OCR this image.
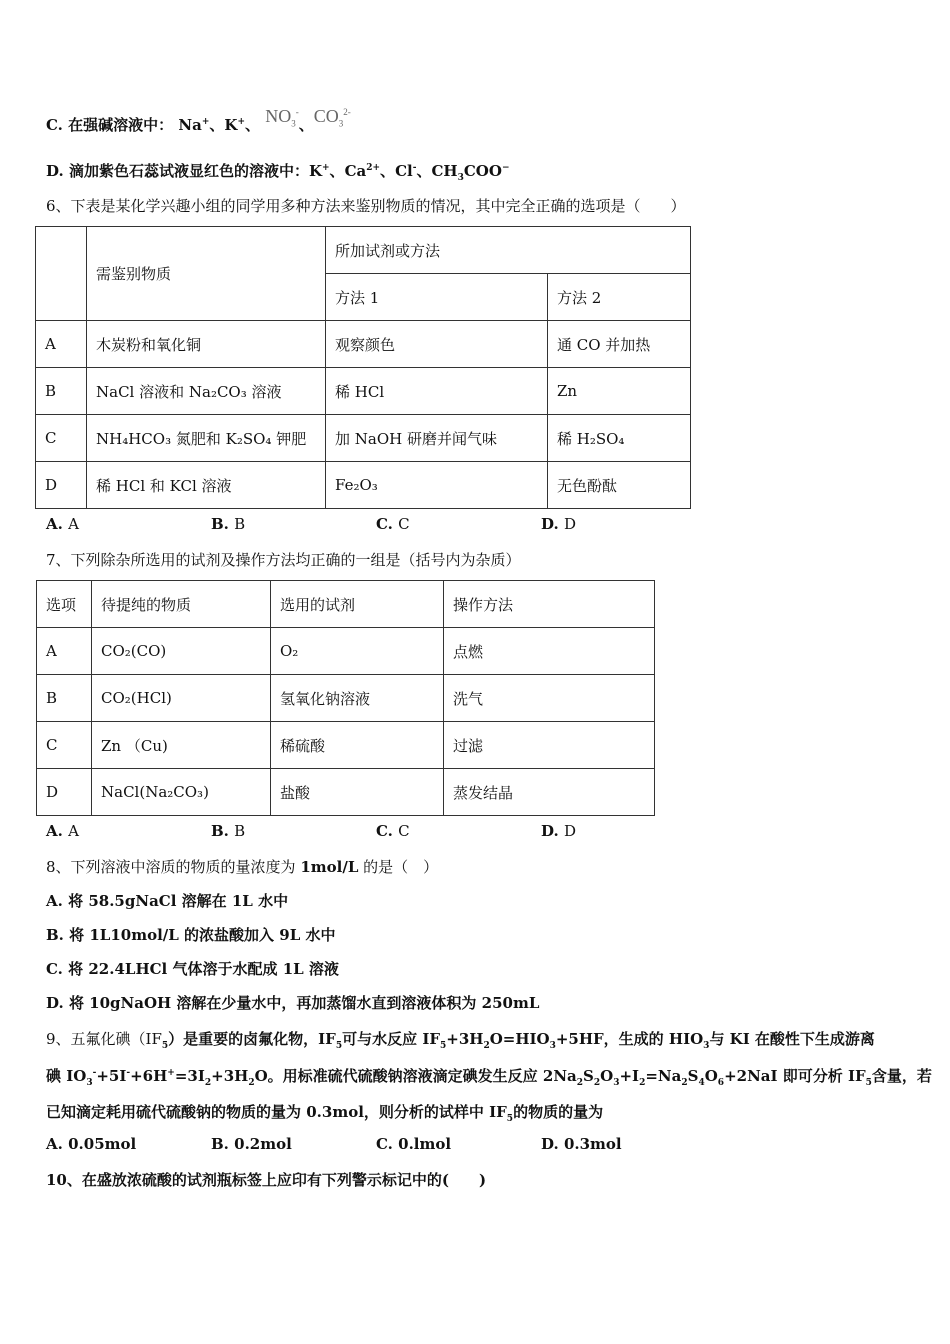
C. 在强碱溶液中： Na+、K+、 $NO_3^-$、$CO_3^{2-}$
D. 滴加紫色石蕊试液显红色的溶液中：K+、$Ca^{2+}$、Cl-、$CH_3COO^-$
6、下表是某化学兴趣小组的同学用多种方法来鉴别物质的情况，其中完全正确的选项是（　　）
	需鉴别物质	所加试剂或方法	
		方法 1	方法 2
A	木炭粉和氧化铜	观察颜色	通 CO 并加热
B	NaCl 溶液和 Na₂CO₃ 溶液	稀 HCl	Zn
C	NH₄HCO₃ 氮肥和 K₂SO₄ 钾肥	加 NaOH 研磨并闻气味	稀 H₂SO₄
D	稀 HCl 和 KCl 溶液	Fe₂O₃	无色酚酞
A. A	B. B	C. C	D. D
7、下列除杂所选用的试剂及操作方法均正确的一组是（括号内为杂质）
选项	待提纯的物质	选用的试剂	操作方法
A	CO₂(CO)	O₂	点燃
B	CO₂(HCl)	氢氧化钠溶液	洗气
C	Zn （Cu)	稀硫酸	过滤
D	NaCl(Na₂CO₃)	盐酸	蒸发结晶
A. A	B. B	C. C	D. D
8、下列溶液中溶质的物质的量浓度为 1mol/L 的是（　）
A. 将 58.5gNaCl 溶解在 1L 水中
B. 将 1L10mol/L 的浓盐酸加入 9L 水中
C. 将 22.4LHCl 气体溶于水配成 1L 溶液
D. 将 10gNaOH 溶解在少量水中，再加蒸馏水直到溶液体积为 250mL
9、五氟化碘$(IF_5)$是重要的卤氟化物，$IF_5$可与水反应 $IF_5+3H_2O=HIO_3+5HF$，生成的 $HIO_3$与 KI 在酸性下生成游离
碘 $IO_3^-+5I^-+6H^+=3I_2+3H_2O$。用标准硫代硫酸钠溶液滴定碘发生反应 $2Na_2S_2O_3+I_2=Na_2S_4O_6+2NaI$ 即可分析 $IF_5$含量，若
已知滴定耗用硫代硫酸钠的物质的量为 0.3mol，则分析的试样中 $IF_5$的物质的量为
A. 0.05mol	B. 0.2mol	C. 0.lmol	D. 0.3mol
10、在盛放浓硫酸的试剂瓶标签上应印有下列警示标记中的(　　)
